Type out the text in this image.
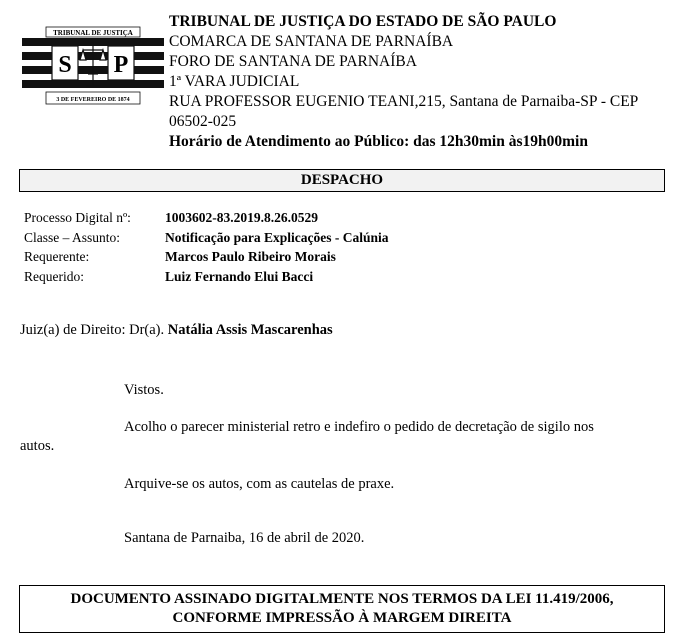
TRIBUNAL DE JUSTIÇA
S P
3 DE FEVEREIRO DE 1874
TRIBUNAL DE JUSTIÇA DO ESTADO DE SÃO PAULO
COMARCA DE SANTANA DE PARNAÍBA
FORO DE SANTANA DE PARNAÍBA
1ª VARA JUDICIAL
RUA PROFESSOR EUGENIO TEANI,215, Santana de Parnaiba-SP - CEP
06502-025
Horário de Atendimento ao Público: das 12h30min às19h00min
DESPACHO
Processo Digital nº:	1003602-83.2019.8.26.0529
Classe – Assunto:	Notificação para Explicações - Calúnia
Requerente:	Marcos Paulo Ribeiro Morais
Requerido:	Luiz Fernando Elui Bacci
Juiz(a) de Direito: Dr(a). Natália Assis Mascarenhas
Vistos.
Acolho o parecer ministerial retro e indefiro o pedido de decretação de sigilo nos
autos.
Arquive-se os autos, com as cautelas de praxe.
Santana de Parnaiba, 16 de abril de 2020.
DOCUMENTO ASSINADO DIGITALMENTE NOS TERMOS DA LEI 11.419/2006,
CONFORME IMPRESSÃO À MARGEM DIREITA
